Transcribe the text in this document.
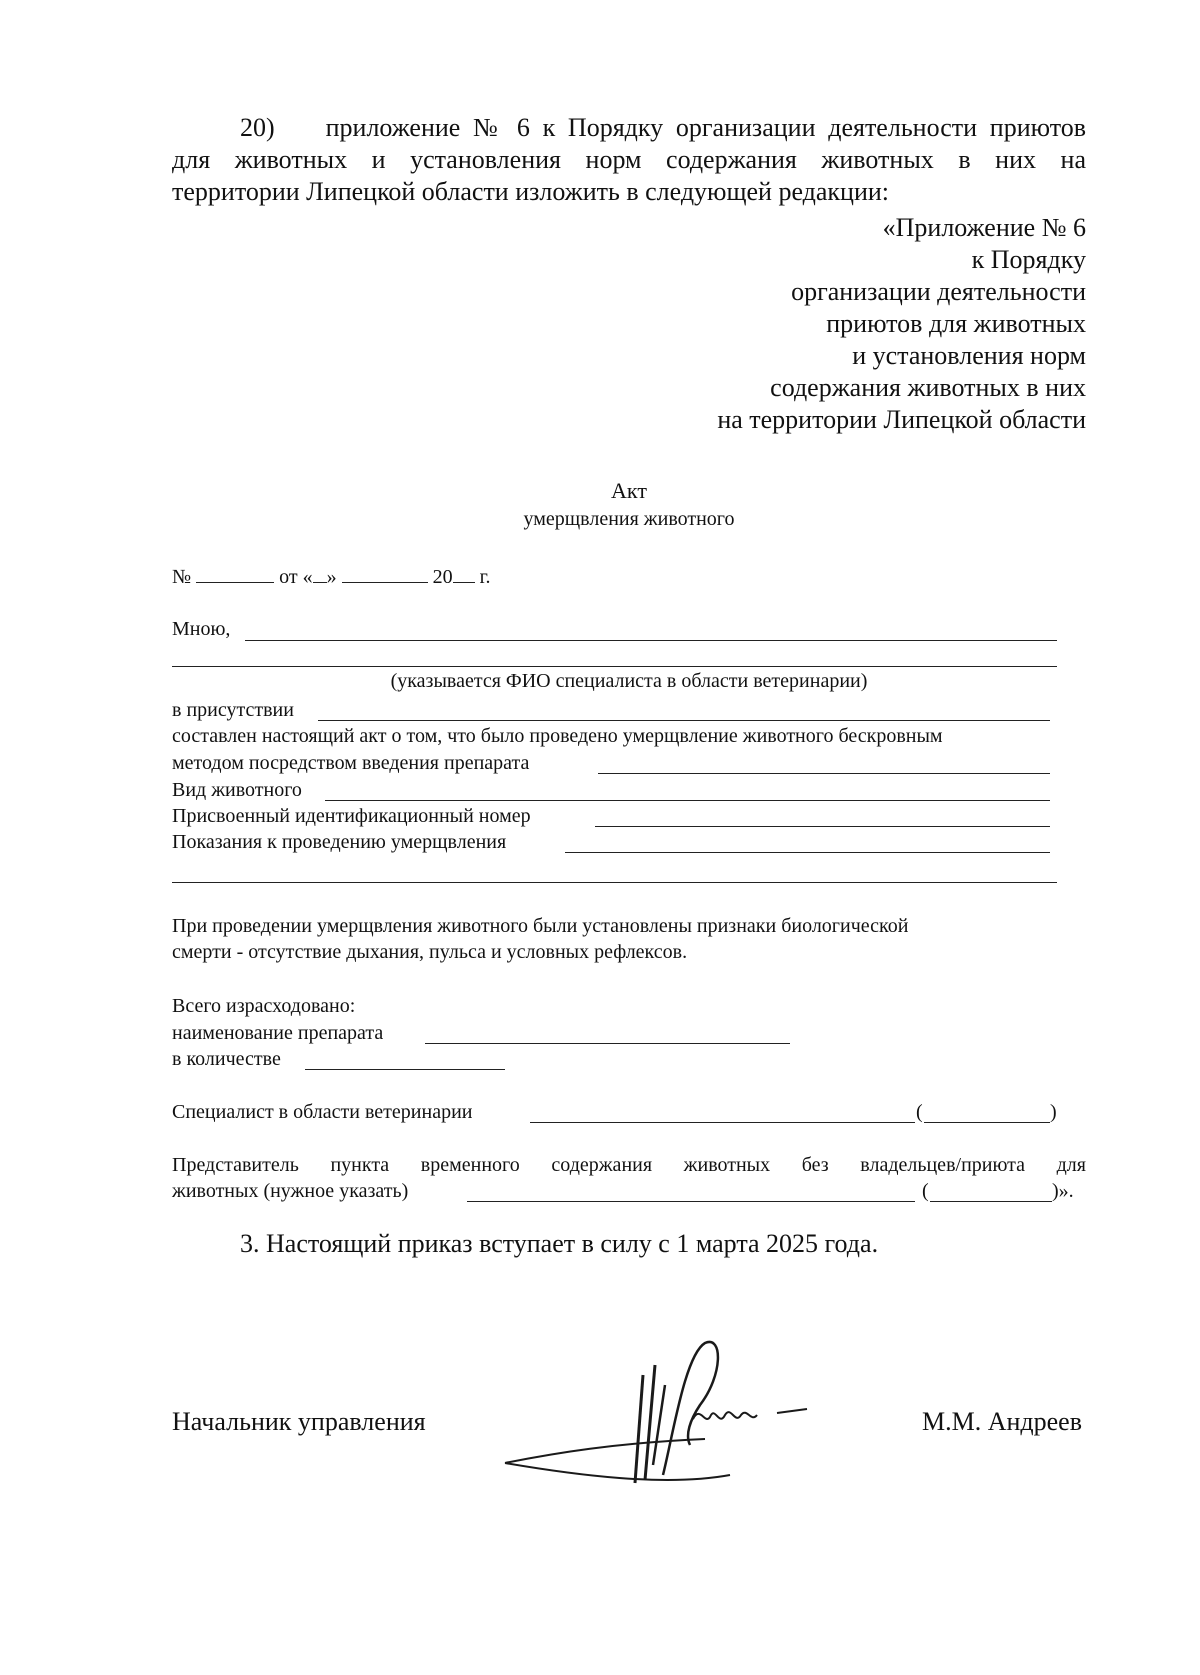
20) приложение № 6 к Порядку организации деятельности приютов
для животных и установления норм содержания животных в них на
территории Липецкой области изложить в следующей редакции:
«Приложение № 6
к Порядку
организации деятельности
приютов для животных
и установления норм
содержания животных в них
на территории Липецкой области
Акт
умерщвления животного
№	от « »	20 г.
Мною,
(указывается ФИО специалиста в области ветеринарии)
в присутствии
составлен настоящий акт о том, что было проведено умерщвление животного бескровным
методом посредством введения препарата
Вид животного
Присвоенный идентификационный номер
Показания к проведению умерщвления
При проведении умерщвления животного были установлены признаки биологической
смерти - отсутствие дыхания, пульса и условных рефлексов.
Всего израсходовано:
наименование препарата
в количестве
Специалист в области ветеринарии	(	)
Представитель пункта временного содержания животных без владельцев/приюта для
животных (нужное указать)	(	)».
3. Настоящий приказ вступает в силу с 1 марта 2025 года.
Начальник управления	М.М. Андреев
